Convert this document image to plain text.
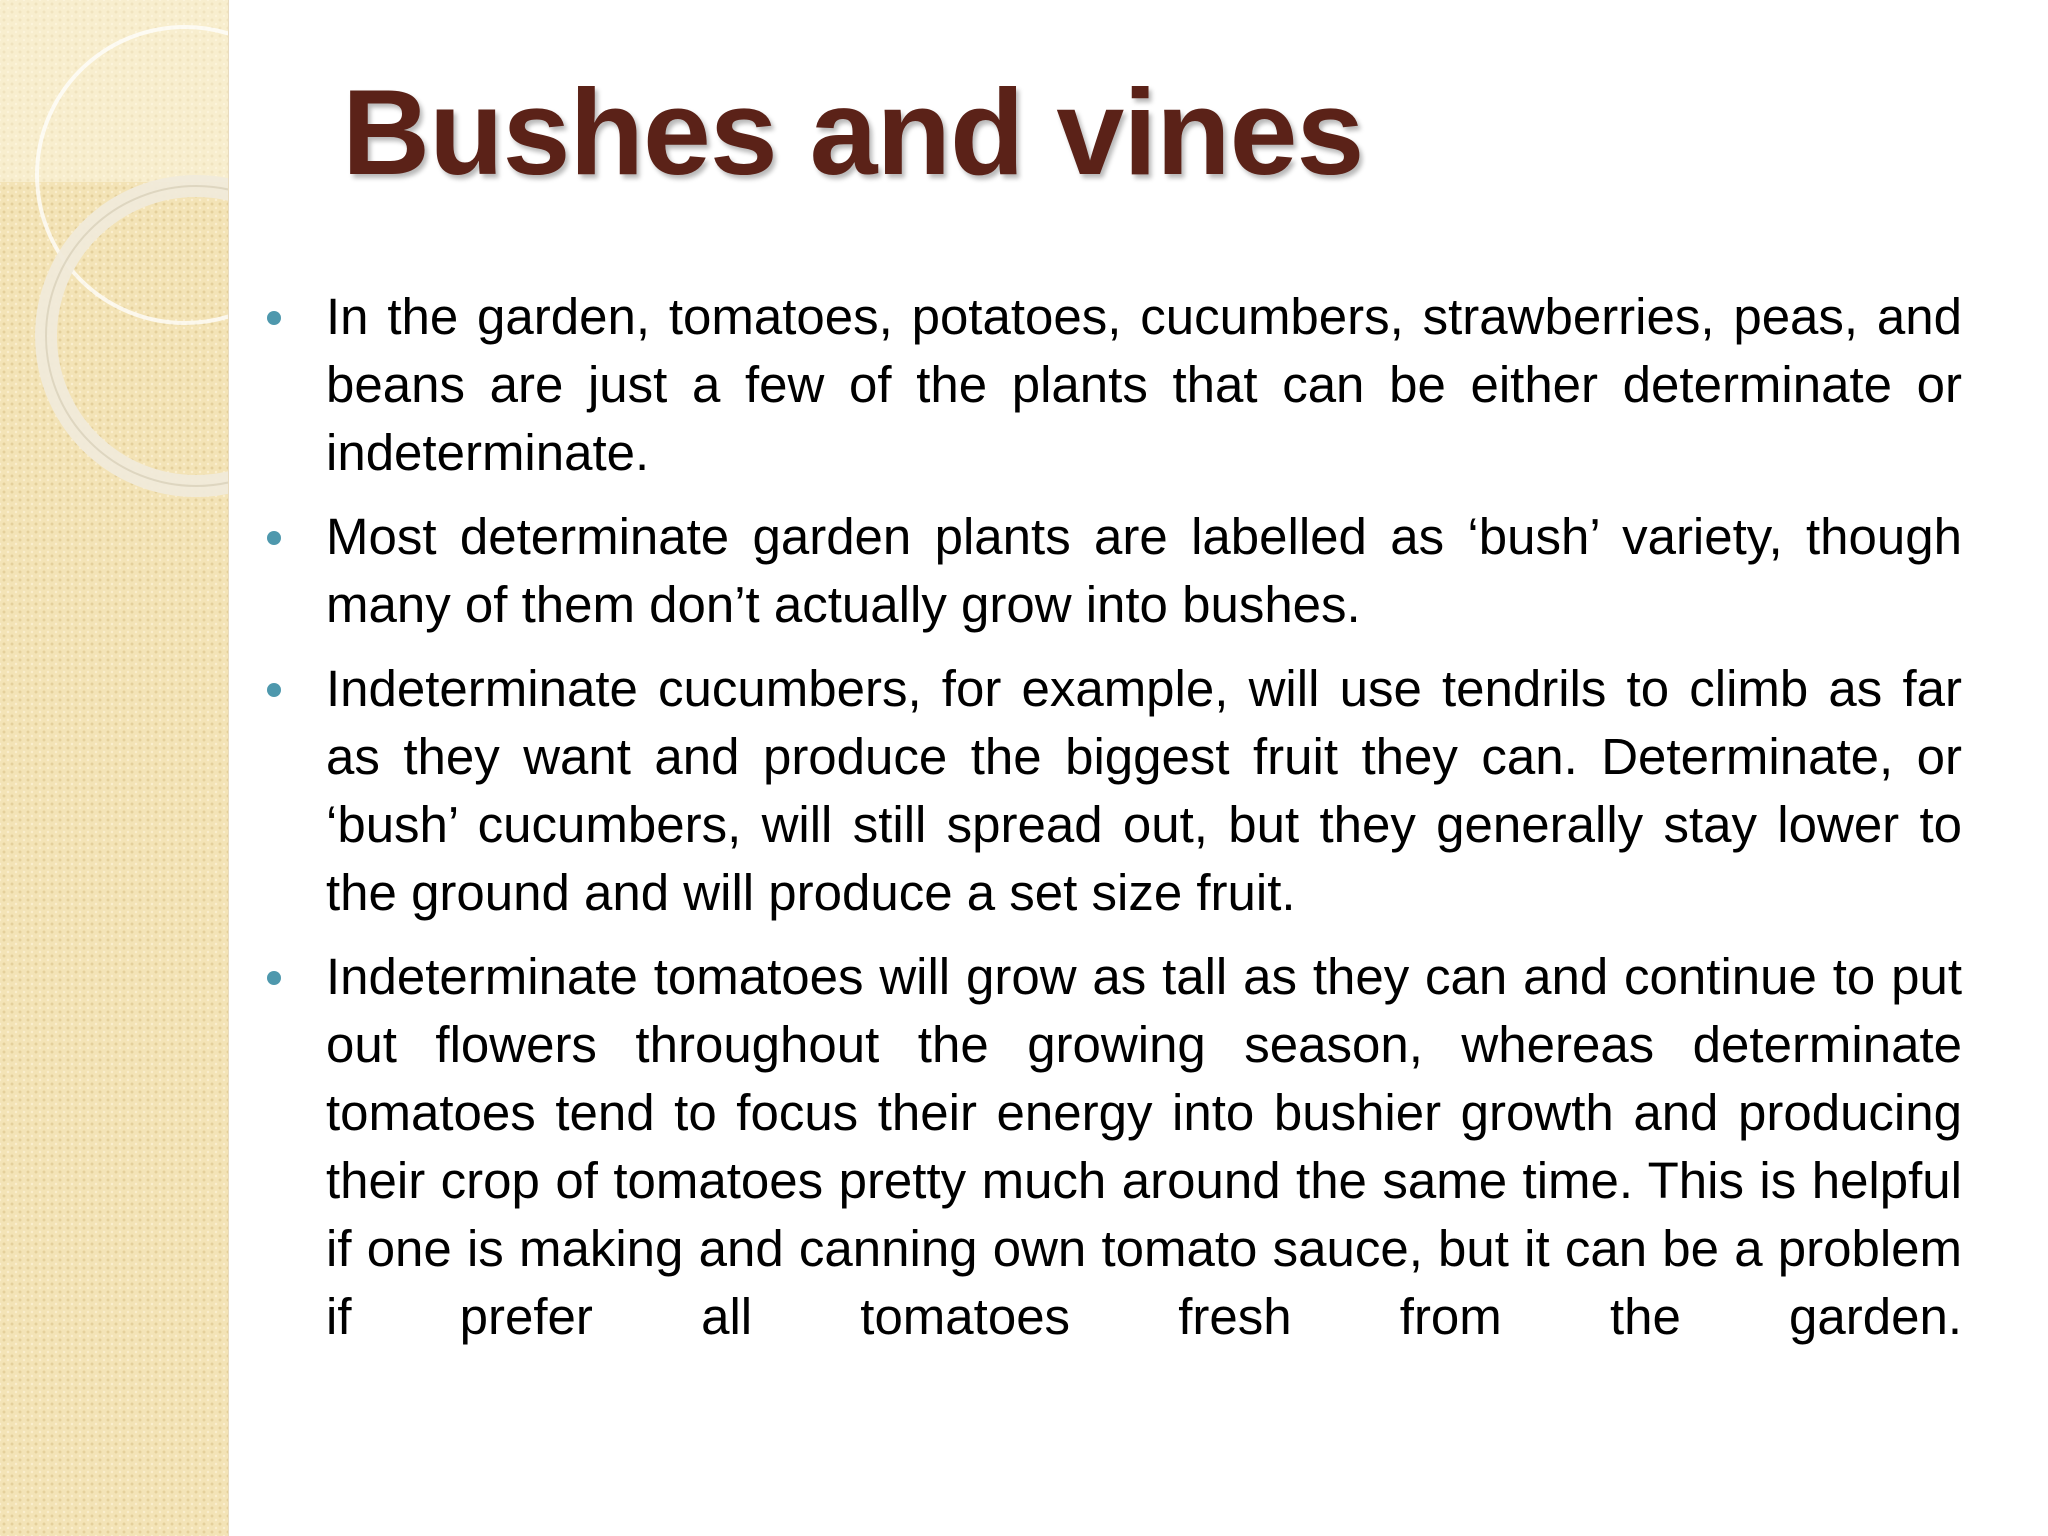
Bushes and vines
In the garden, tomatoes, potatoes, cucumbers, strawberries, peas, and beans are just a few of the plants that can be either determinate or indeterminate.
Most determinate garden plants are labelled as ‘bush’ variety, though many of them don’t actually grow into bushes.
Indeterminate cucumbers, for example, will use tendrils to climb as far as they want and produce the biggest fruit they can. Determinate, or ‘bush’ cucumbers, will still spread out, but they generally stay lower to the ground and will produce a set size fruit.
Indeterminate tomatoes will grow as tall as they can and continue to put out flowers throughout the growing season, whereas determinate tomatoes tend to focus their energy into bushier growth and producing their crop of tomatoes pretty much around the same time. This is helpful if one is making and canning own tomato sauce, but it can be a problem if prefer all tomatoes fresh from the garden.
